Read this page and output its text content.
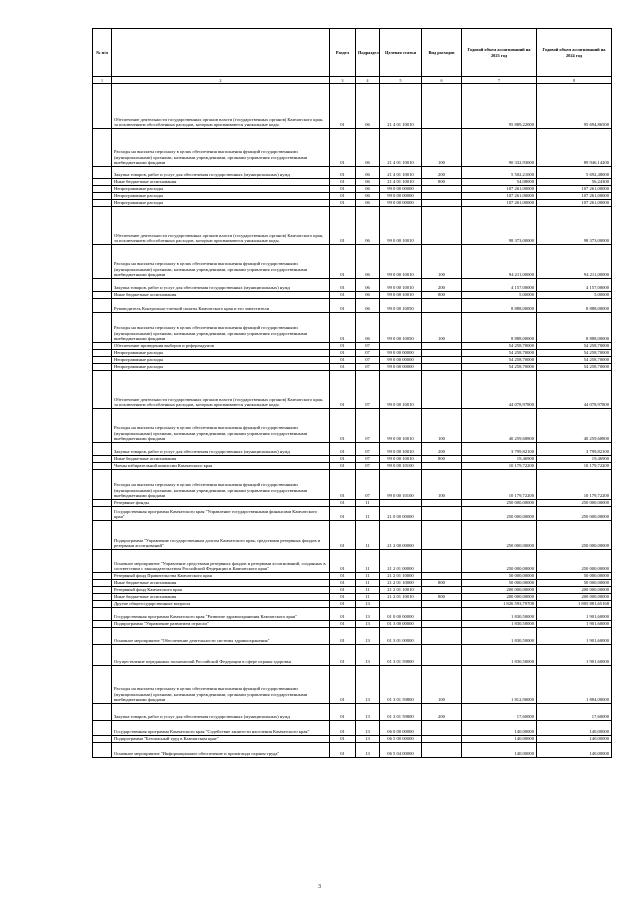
№ п/п		Раздел	Подраздел	Целевая статья	Вид расходов	Годовой объем ассигнований на 2023 год	Годовой объем ассигнований на 2024 год
1	2	3	4	5	6	7	8
	Обеспечение деятельности государственных органов власти (государственных органов) Камчатского края, за исключением обособленных расходов, которым присваиваются уникальные коды.	01	06	21 4 01 10010		95 889,22000	95 694,86500
	Расходы на выплаты персоналу в целях обеспечения выполнения функций государственными (муниципальными) органами, казенными учреждениями, органами управления государственными внебюджетными фондами	01	06	21 4 01 10010	100	90 332,93000	89 946,14200
	Закупка товаров, работ и услуг для обеспечения государственных (муниципальных) нужд	01	06	21 4 01 10010	200	5 502,21000	5 692,48000
	Иные бюджетные ассигнования	01	06	21 4 01 10010	800	54,08000	56,24300
	Непрограммные расходы	01	06	99 0 00 00000		107 261,00000	107 261,00000
	Непрограммные расходы	01	06	99 0 00 00000		107 261,00000	107 261,00000
	Непрограммные расходы	01	06	99 0 00 00000		107 261,00000	107 261,00000
	Обеспечение деятельности государственных органов власти (государственных органов) Камчатского края, за исключением обособленных расходов, которым присваиваются уникальные коды.	01	06	99 0 00 10010		98 373,00000	98 373,00000
	Расходы на выплаты персоналу в целях обеспечения выполнения функций государственными (муниципальными) органами, казенными учреждениями, органами управления государственными внебюджетными фондами	01	06	99 0 00 10010	100	94 211,00000	94 211,00000
	Закупка товаров, работ и услуг для обеспечения государственных (муниципальных) нужд	01	06	99 0 00 10010	200	4 157,00000	4 157,00000
	Иные бюджетные ассигнования	01	06	99 0 00 10010	800	5,00000	5,00000
	Руководитель Контрольно-счетной палаты Камчатского края и его заместители	01	06	99 0 00 10050		8 888,00000	8 888,00000
	Расходы на выплаты персоналу в целях обеспечения выполнения функций государственными (муниципальными) органами, казенными учреждениями, органами управления государственными внебюджетными фондами	01	06	99 0 00 10050	100	8 888,00000	8 888,00000
	Обеспечение проведения выборов и референдумов	01	07			54 258,70000	54 258,70000
	Непрограммные расходы	01	07	99 0 00 00000		54 258,70000	54 258,70000
	Непрограммные расходы	01	07	99 0 00 00000		54 258,70000	54 258,70000
	Непрограммные расходы	01	07	99 0 00 00000		54 258,70000	54 258,70000
	Обеспечение деятельности государственных органов власти (государственных органов) Камчатского края, за исключением обособленных расходов, которым присваиваются уникальные коды.	01	07	99 0 00 10010		44 078,97800	44 078,97800
	Расходы на выплаты персоналу в целях обеспечения выполнения функций государственными (муниципальными) органами, казенными учреждениями, органами управления государственными внебюджетными фондами	01	07	99 0 00 10010	100	40 259,68800	40 259,68800
	Закупка товаров, работ и услуг для обеспечения государственных (муниципальных) нужд	01	07	99 0 00 10010	200	3 799,82100	3 799,82100
	Иные бюджетные ассигнования	01	07	99 0 00 10010	800	19,46900	19,46900
	Члены избирательной комиссии Камчатского края	01	07	99 0 00 10100		10 179,72200	10 179,72200
	Расходы на выплаты персоналу в целях обеспечения выполнения функций государственными (муниципальными) органами, казенными учреждениями, органами управления государственными внебюджетными фондами	01	07	99 0 00 10100	100	10 179,72200	10 179,72200
	Резервные фонды	01	11			250 000,00000	250 000,00000
	Государственная программа Камчатского края "Управление государственными финансами Камчатского края"	01	11	21 0 00 00000		250 000,00000	250 000,00000
	Подпрограмма "Управление государственным долгом Камчатского края, средствами резервных фондов и резервами ассигнований"	01	11	21 2 00 00000		250 000,00000	250 000,00000
	Основное мероприятие "Управление средствами резервных фондов и резервами ассигнований, созданных в соответствии с законодательством Российской Федерации и Камчатского края"	01	11	21 2 01 00000		250 000,00000	250 000,00000
	Резервный фонд Правительства Камчатского края	01	11	21 2 01 10000		50 000,00000	50 000,00000
	Иные бюджетные ассигнования	01	11	21 2 01 10000	800	50 000,00000	50 000,00000
	Резервный фонд Камчатского края	01	11	21 2 01 10010		200 000,00000	200 000,00000
	Иные бюджетные ассигнования	01	11	21 2 01 10010	800	200 000,00000	200 000,00000
	Другие общегосударственные вопросы	01	13			1 826 593,79708	1 805 881,65168
	Государственная программа Камчатского края "Развитие здравоохранения Камчатского края"	01	13	01 0 00 00000		1 830,50000	1 901,60000
	Подпрограмма "Управление развитием отрасли"	01	13	01 3 00 00000		1 830,50000	1 901,60000
	Основное мероприятие "Обеспечение деятельности системы здравоохранения"	01	13	01 3 01 00000		1 830,50000	1 901,60000
	Осуществление переданных полномочий Российской Федерации в сфере охраны здоровья	01	13	01 3 01 59800		1 830,50000	1 901,60000
	Расходы на выплаты персоналу в целях обеспечения выполнения функций государственными (муниципальными) органами, казенными учреждениями, органами управления государственными внебюджетными фондами	01	13	01 3 01 59800	100	1 812,90000	1 884,00000
	Закупка товаров, работ и услуг для обеспечения государственных (муниципальных) нужд	01	13	01 3 01 59800	200	17,60000	17,60000
	Государственная программа Камчатского края "Содействие занятости населения Камчатского края"	01	13	06 0 00 00000		140,00000	140,00000
	Подпрограмма "Безопасный труд в Камчатском крае"	01	13	06 5 00 00000		140,00000	140,00000
	Основное мероприятие "Информационное обеспечение и пропаганда охраны труда"	01	13	06 5 04 00000		140,00000	140,00000
3
